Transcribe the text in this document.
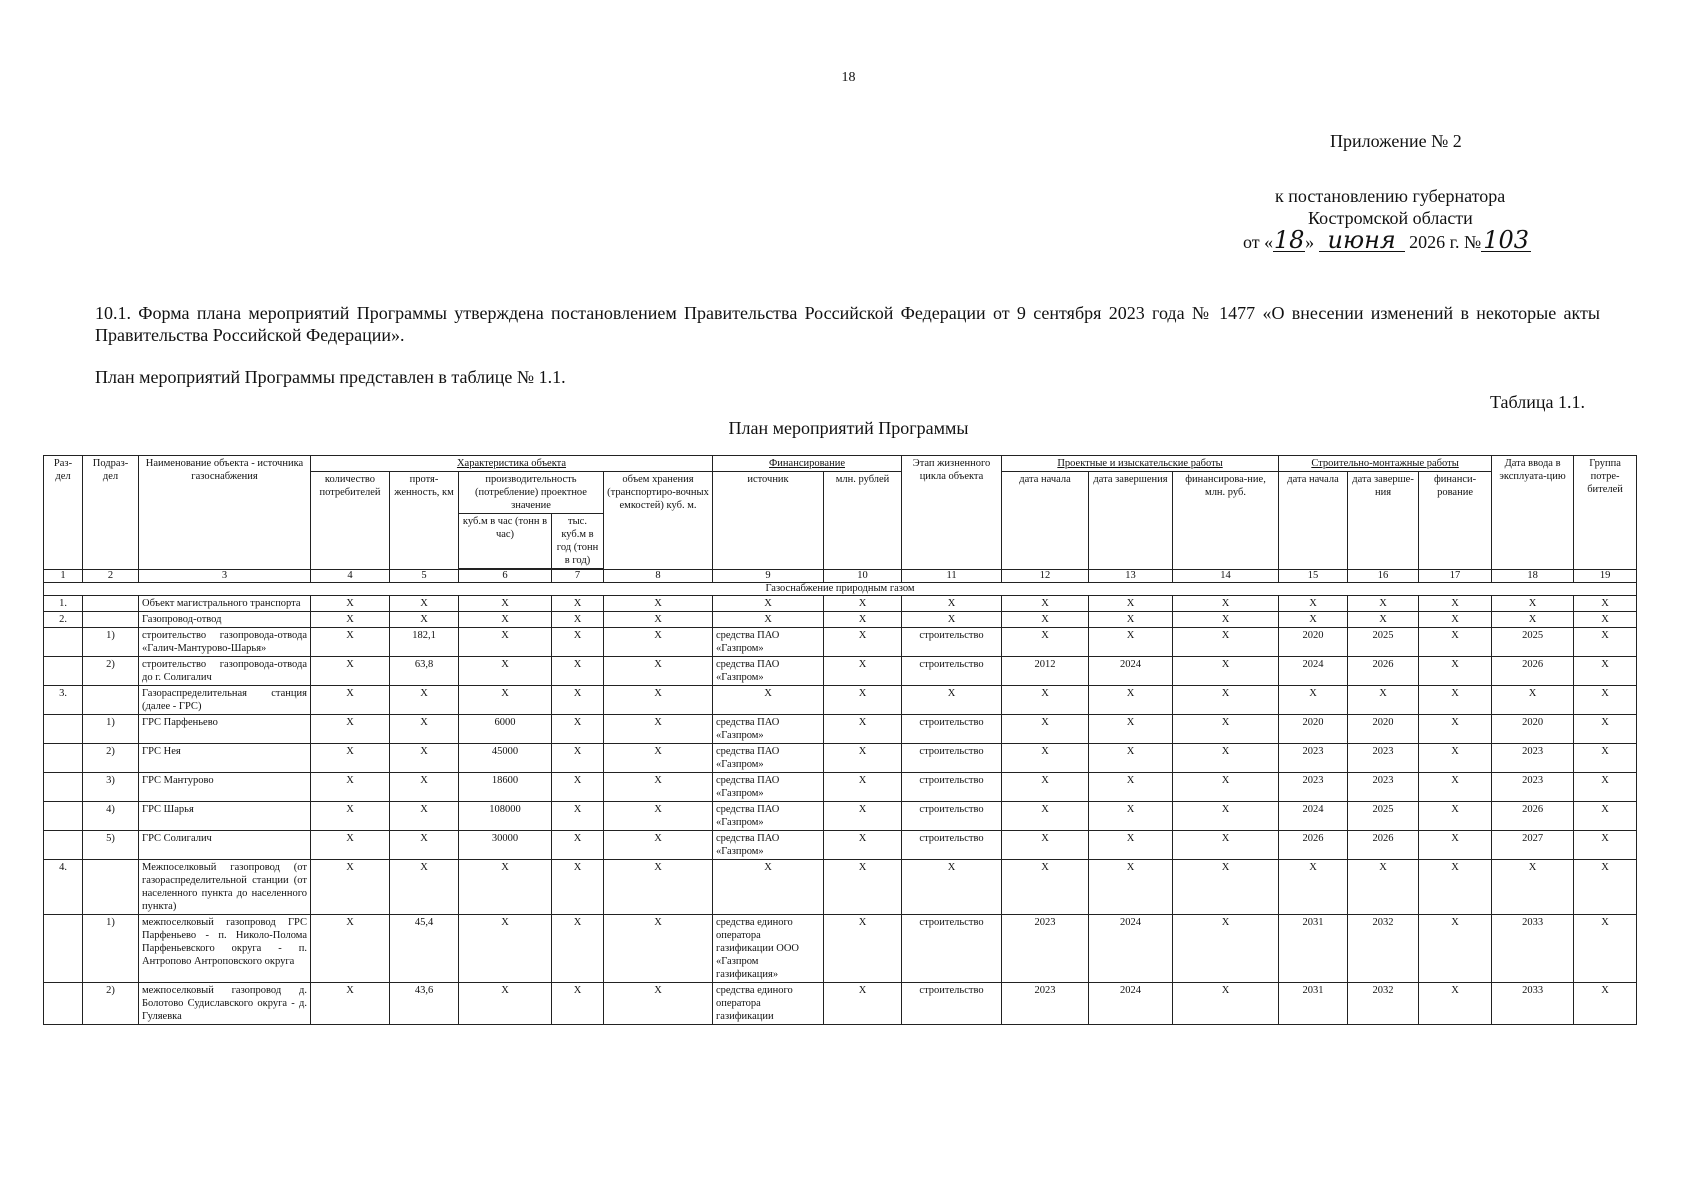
18
Приложение № 2
к постановлению губернатора
Костромской области
от «18» июня 2026 г. №103
10.1. Форма плана мероприятий Программы утверждена постановлением Правительства Российской Федерации от 9 сентября 2023 года № 1477 «О внесении изменений в некоторые акты Правительства Российской Федерации».
План мероприятий Программы представлен в таблице № 1.1.
Таблица 1.1.
План мероприятий Программы
Раз-дел	Подраз-дел	Наименование объекта - источника газоснабжения	Характеристика объекта					Финансирование		Этап жизненного цикла объекта	Проектные и изыскательские работы			Строительно-монтажные работы			Дата ввода в эксплуата-цию	Группа потре-бителей
			количество потребителей	протя-женность, км	производительность (потребление) проектное значение		объем хранения (транспортиро-вочных емкостей) куб. м.	источник	млн. рублей		дата начала	дата завершения	финансирова-ние, млн. руб.	дата начала	дата заверше-ния	финанси-рование		
					куб.м в час (тонн в час)	тыс. куб.м в год (тонн в год)												

1	2	3	4	5	6	7	8	9	10	11	12	13	14	15	16	17	18	19
Газоснабжение природным газом																		
1.		Объект магистрального транспорта	X	X	X	X	X	X	X	X	X	X	X	X	X	X	X	X
2.		Газопровод-отвод	X	X	X	X	X	X	X	X	X	X	X	X	X	X	X	X
	1)	строительство газопровода-отвода «Галич-Мантурово-Шарья»	X	182,1	X	X	X	средства ПАО «Газпром»	X	строительство	X	X	X	2020	2025	X	2025	X
	2)	строительство газопровода-отвода до г. Солигалич	X	63,8	X	X	X	средства ПАО «Газпром»	X	строительство	2012	2024	X	2024	2026	X	2026	X
3.		Газораспределительная станция (далее - ГРС)	X	X	X	X	X	X	X	X	X	X	X	X	X	X	X	X
	1)	ГРС Парфеньево	X	X	6000	X	X	средства ПАО «Газпром»	X	строительство	X	X	X	2020	2020	X	2020	X
	2)	ГРС Нея	X	X	45000	X	X	средства ПАО «Газпром»	X	строительство	X	X	X	2023	2023	X	2023	X
	3)	ГРС Мантурово	X	X	18600	X	X	средства ПАО «Газпром»	X	строительство	X	X	X	2023	2023	X	2023	X
	4)	ГРС Шарья	X	X	108000	X	X	средства ПАО «Газпром»	X	строительство	X	X	X	2024	2025	X	2026	X
	5)	ГРС Солигалич	X	X	30000	X	X	средства ПАО «Газпром»	X	строительство	X	X	X	2026	2026	X	2027	X
4.		Межпоселковый газопровод (от газораспределительной станции (от населенного пункта до населенного пункта)	X	X	X	X	X	X	X	X	X	X	X	X	X	X	X	X
	1)	межпоселковый газопровод ГРС Парфеньево - п. Николо-Полома Парфеньевского округа - п. Антропово Антроповского округа	X	45,4	X	X	X	средства единого оператора газификации ООО «Газпром газификация»	X	строительство	2023	2024	X	2031	2032	X	2033	X
	2)	межпоселковый газопровод д. Болотово Судиславского округа - д. Гуляевка	X	43,6	X	X	X	средства единого оператора газификации	X	строительство	2023	2024	X	2031	2032	X	2033	X
